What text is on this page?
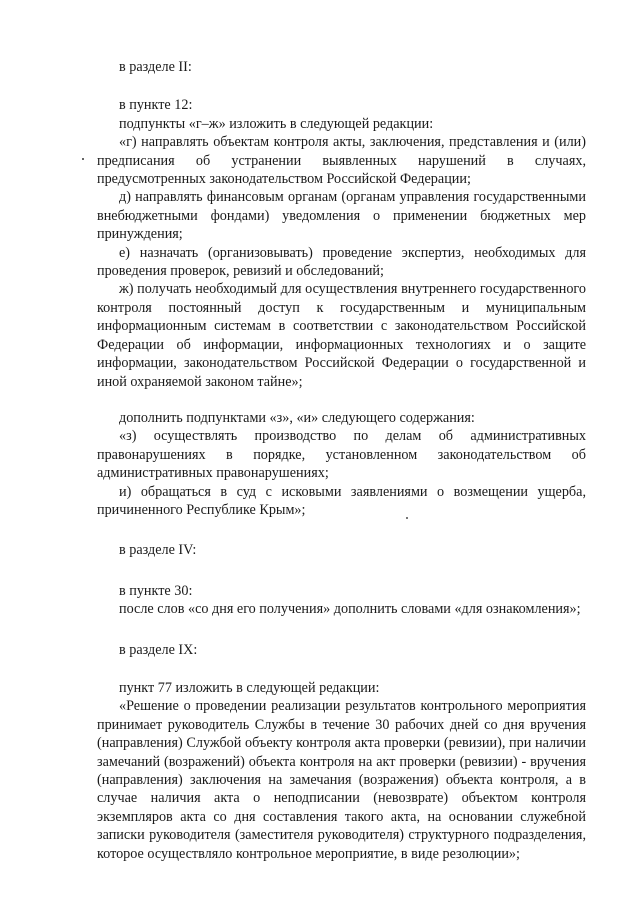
в разделе II:

в пункте 12:

подпункты «г–ж» изложить в следующей редакции:

«г) направлять объектам контроля акты, заключения, представления и (или) предписания об устранении выявленных нарушений в случаях, предусмотренных законодательством Российской Федерации;

д) направлять финансовым органам (органам управления государственными внебюджетными фондами) уведомления о применении бюджетных мер принуждения;

е) назначать (организовывать) проведение экспертиз, необходимых для проведения проверок, ревизий и обследований;

ж) получать необходимый для осуществления внутреннего государственного контроля постоянный доступ к государственным и муниципальным информационным системам в соответствии с законодательством Российской Федерации об информации, информационных технологиях и о защите информации, законодательством Российской Федерации о государственной и иной охраняемой законом тайне»;

дополнить подпунктами «з», «и» следующего содержания:

«з) осуществлять производство по делам об административных правонарушениях в порядке, установленном законодательством об административных правонарушениях;

и) обращаться в суд с исковыми заявлениями о возмещении ущерба, причиненного Республике Крым»;

в разделе IV:

в пункте 30:

после слов «со дня его получения» дополнить словами «для ознакомления»;

в разделе IX:

пункт 77 изложить в следующей редакции:

«Решение о проведении реализации результатов контрольного мероприятия принимает руководитель Службы в течение 30 рабочих дней со дня вручения (направления) Службой объекту контроля акта проверки (ревизии), при наличии замечаний (возражений) объекта контроля на акт проверки (ревизии) - вручения (направления) заключения на замечания (возражения) объекта контроля, а в случае наличия акта о неподписании (невозврате) объектом контроля экземпляров акта со дня составления такого акта, на основании служебной записки руководителя (заместителя руководителя) структурного подразделения, которое осуществляло контрольное мероприятие, в виде резолюции»;
